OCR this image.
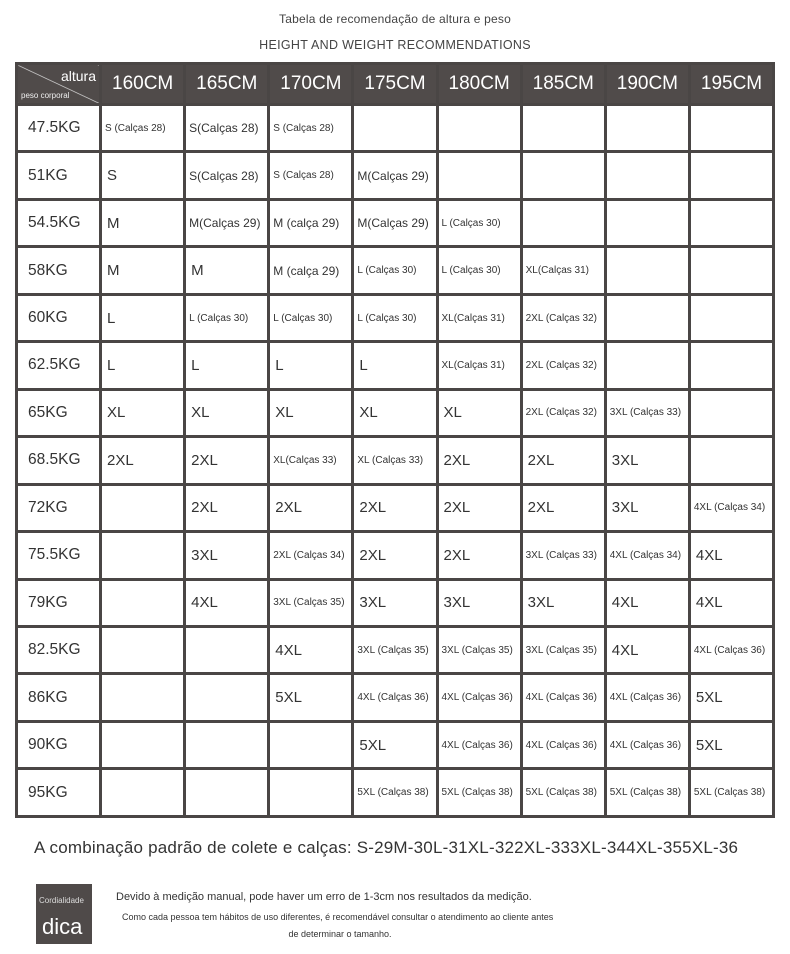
Tabela de recomendação de altura e peso
HEIGHT AND WEIGHT RECOMMENDATIONS
altura
peso corporal	160CM	165CM	170CM	175CM	180CM	185CM	190CM	195CM
47.5KG	S (Calças 28)	S(Calças 28)	S (Calças 28)					
51KG	S	S(Calças 28)	S (Calças 28)	M(Calças 29)				
54.5KG	M	M(Calças 29)	M (calça 29)	M(Calças 29)	L (Calças 30)			
58KG	M	M	M (calça 29)	L (Calças 30)	L (Calças 30)	XL(Calças 31)		
60KG	L	L (Calças 30)	L (Calças 30)	L (Calças 30)	XL(Calças 31)	2XL (Calças 32)		
62.5KG	L	L	L	L	XL(Calças 31)	2XL (Calças 32)		
65KG	XL	XL	XL	XL	XL	2XL (Calças 32)	3XL (Calças 33)	
68.5KG	2XL	2XL	XL(Calças 33)	XL (Calças 33)	2XL	2XL	3XL	
72KG		2XL	2XL	2XL	2XL	2XL	3XL	4XL (Calças 34)
75.5KG		3XL	2XL (Calças 34)	2XL	2XL	3XL (Calças 33)	4XL (Calças 34)	4XL
79KG		4XL	3XL (Calças 35)	3XL	3XL	3XL	4XL	4XL
82.5KG			4XL	3XL (Calças 35)	3XL (Calças 35)	3XL (Calças 35)	4XL	4XL (Calças 36)
86KG			5XL	4XL (Calças 36)	4XL (Calças 36)	4XL (Calças 36)	4XL (Calças 36)	5XL
90KG				5XL	4XL (Calças 36)	4XL (Calças 36)	4XL (Calças 36)	5XL
95KG				5XL (Calças 38)	5XL (Calças 38)	5XL (Calças 38)	5XL (Calças 38)	5XL (Calças 38)
A combinação padrão de colete e calças: S-29M-30L-31XL-322XL-333XL-344XL-355XL-36
Cordialidade
dica
Devido à medição manual, pode haver um erro de 1-3cm nos resultados da medição.
Como cada pessoa tem hábitos de uso diferentes, é recomendável consultar o atendimento ao cliente antes
de determinar o tamanho.
